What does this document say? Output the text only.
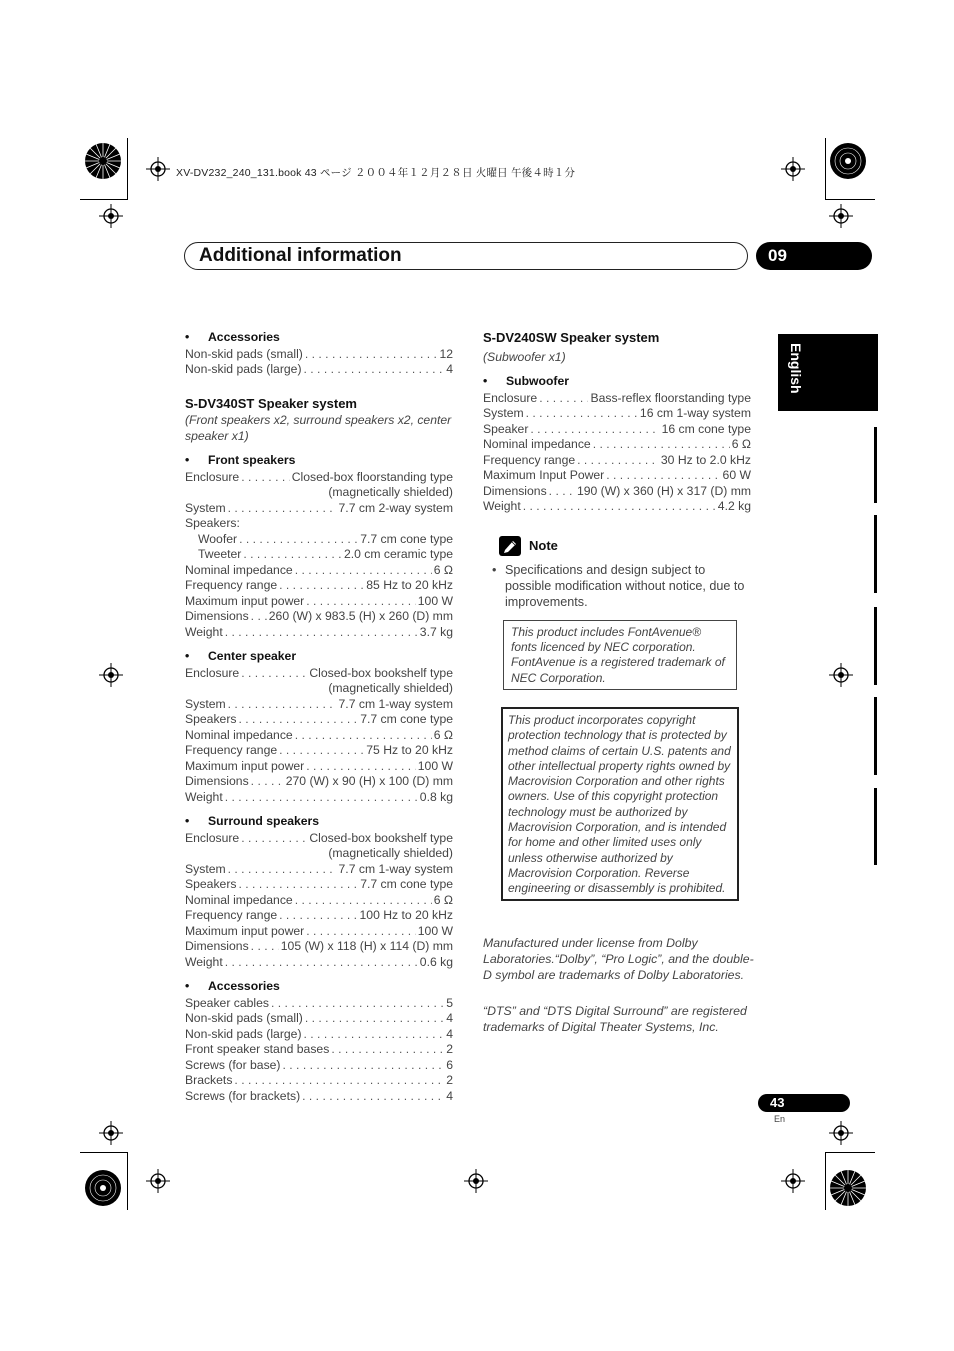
XV-DV232_240_131.book 43 ページ ２００４年１２月２８日 火曜日 午後４時１分
Additional information	09
English
• Accessories
Non-skid pads (small) . . .	12
Non-skid pads (large) . . .	4
S-DV340ST Speaker system
(Front speakers x2, surround speakers x2, center speaker x1)
• Front speakers
Enclosure . . .	Closed-box floorstanding type
(magnetically shielded)
System . . .	7.7 cm 2-way system
Speakers:
Woofer . . .	7.7 cm cone type
Tweeter . . .	2.0 cm ceramic type
Nominal impedance . . .	6 Ω
Frequency range . . .	85 Hz to 20 kHz
Maximum input power . . .	100 W
Dimensions . . . 260 (W) x 983.5 (H) x 260 (D) mm
Weight . . .	3.7 kg
• Center speaker
Enclosure . . .	Closed-box bookshelf type
(magnetically shielded)
System . . .	7.7 cm 1-way system
Speakers . . .	7.7 cm cone type
Nominal impedance . . .	6 Ω
Frequency range . . .	75 Hz to 20 kHz
Maximum input power . . .	100 W
Dimensions . . .	270 (W) x 90 (H) x 100 (D) mm
Weight . . .	0.8 kg
• Surround speakers
Enclosure . . .	Closed-box bookshelf type
(magnetically shielded)
System . . .	7.7 cm 1-way system
Speakers . . .	7.7 cm cone type
Nominal impedance . . .	6 Ω
Frequency range . . .	100 Hz to 20 kHz
Maximum input power . . .	100 W
Dimensions . . .	105 (W) x 118 (H) x 114 (D) mm
Weight . . .	0.6 kg
• Accessories
Speaker cables . . .	5
Non-skid pads (small) . . .	4
Non-skid pads (large) . . .	4
Front speaker stand bases . . .	2
Screws (for base) . . .	6
Brackets . . .	2
Screws (for brackets) . . .	4
S-DV240SW Speaker system
(Subwoofer x1)
• Subwoofer
Enclosure . . .	Bass-reflex floorstanding type
System . . .	16 cm 1-way system
Speaker . . .	16 cm cone type
Nominal impedance . . .	6 Ω
Frequency range . . .	30 Hz to 2.0 kHz
Maximum Input Power . . .	60 W
Dimensions . . . 190 (W) x 360 (H) x 317 (D) mm
Weight . . .	4.2 kg
Note
• Specifications and design subject to possible modification without notice, due to improvements.
This product includes FontAvenue® fonts licenced by NEC corporation. FontAvenue is a registered trademark of NEC Corporation.
This product incorporates copyright protection technology that is protected by method claims of certain U.S. patents and other intellectual property rights owned by Macrovision Corporation and other rights owners. Use of this copyright protection technology must be authorized by Macrovision Corporation, and is intended for home and other limited uses only unless otherwise authorized by Macrovision Corporation. Reverse engineering or disassembly is prohibited.
Manufactured under license from Dolby Laboratories.“Dolby”, “Pro Logic”, and the double-D symbol are trademarks of Dolby Laboratories.
“DTS” and “DTS Digital Surround” are registered trademarks of Digital Theater Systems, Inc.
43
En
